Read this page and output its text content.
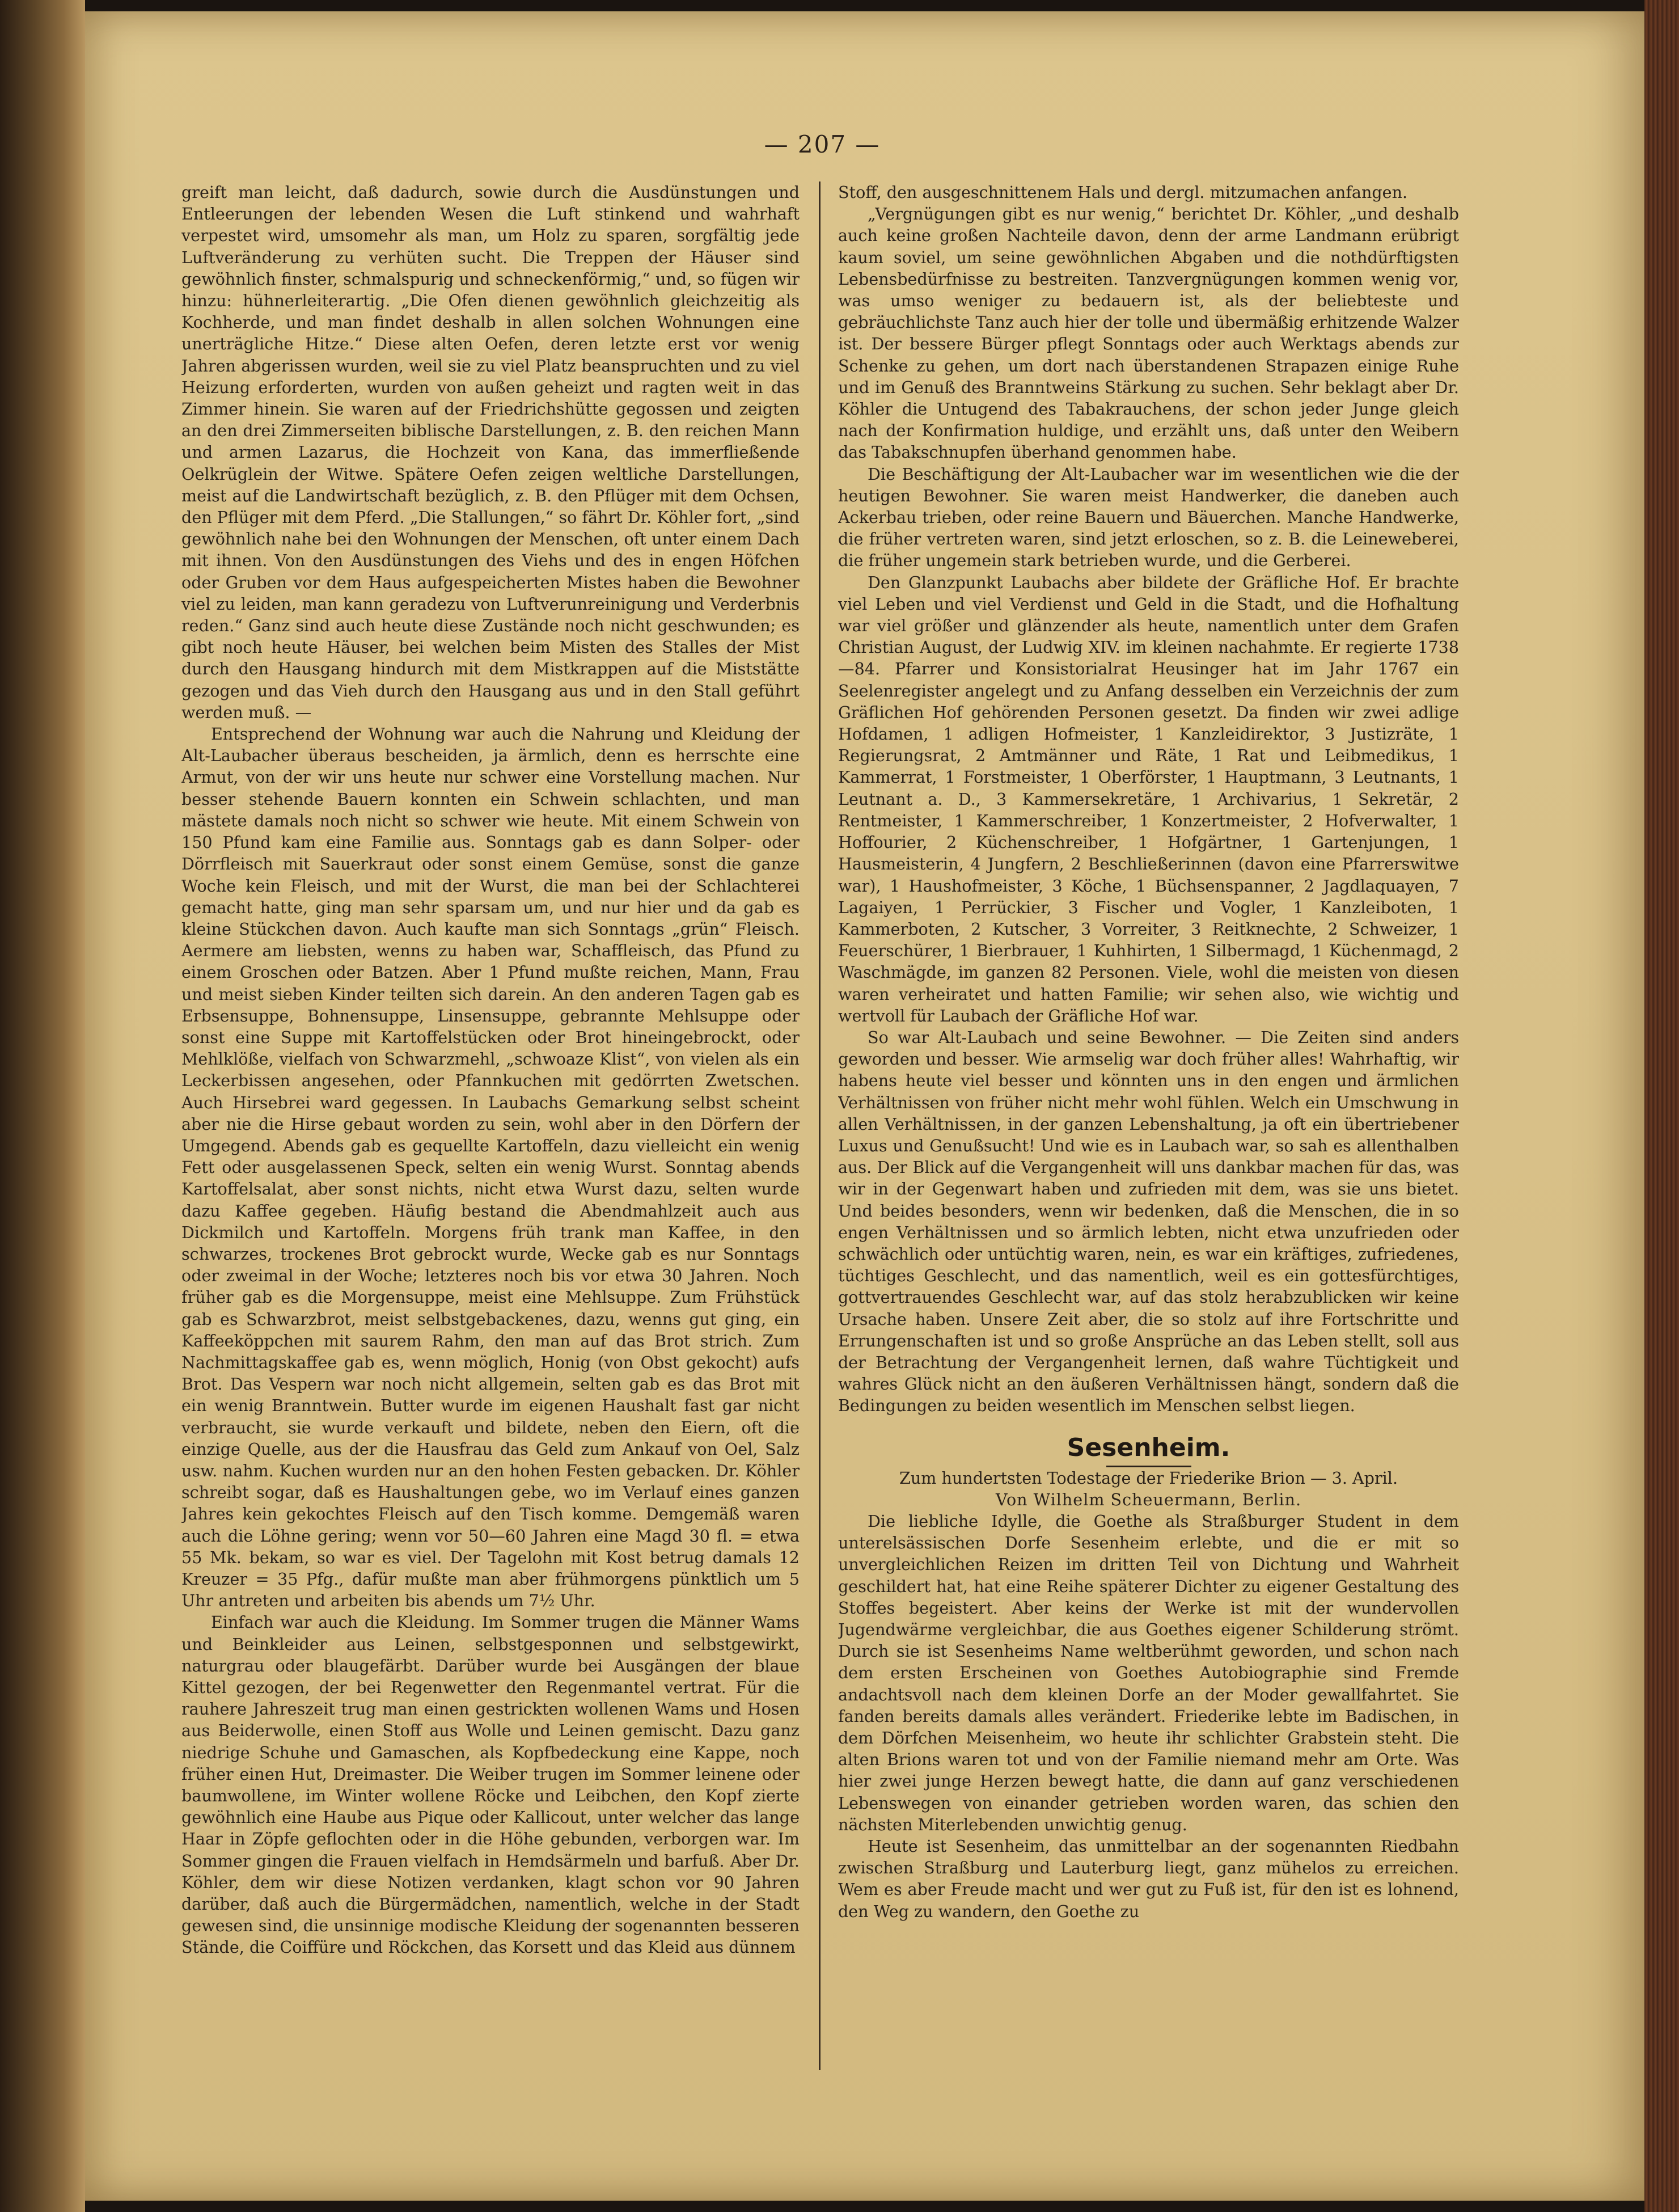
— 207 —

greift man leicht, daß dadurch, sowie durch die Ausdünstungen und Entleerungen der lebenden Wesen die Luft stinkend und wahrhaft verpestet wird, umsomehr als man, um Holz zu sparen, sorgfältig jede Luftveränderung zu verhüten sucht. Die Treppen der Häuser sind gewöhnlich finster, schmalspurig und schneckenförmig,“ und, so fügen wir hinzu: hühnerleiterartig. „Die Ofen dienen gewöhnlich gleichzeitig als Kochherde, und man findet deshalb in allen solchen Wohnungen eine unerträgliche Hitze.“ Diese alten Oefen, deren letzte erst vor wenig Jahren abgerissen wurden, weil sie zu viel Platz beanspruchten und zu viel Heizung erforderten, wurden von außen geheizt und ragten weit in das Zimmer hinein. Sie waren auf der Friedrichshütte gegossen und zeigten an den drei Zimmerseiten biblische Darstellungen, z. B. den reichen Mann und armen Lazarus, die Hochzeit von Kana, das immerfließende Oelkrüglein der Witwe. Spätere Oefen zeigen weltliche Darstellungen, meist auf die Landwirtschaft bezüglich, z. B. den Pflüger mit dem Ochsen, den Pflüger mit dem Pferd. „Die Stallungen,“ so fährt Dr. Köhler fort, „sind gewöhnlich nahe bei den Wohnungen der Menschen, oft unter einem Dach mit ihnen. Von den Ausdünstungen des Viehs und des in engen Höfchen oder Gruben vor dem Haus aufgespeicherten Mistes haben die Bewohner viel zu leiden, man kann geradezu von Luftverunreinigung und Verderbnis reden.“ Ganz sind auch heute diese Zustände noch nicht geschwunden; es gibt noch heute Häuser, bei welchen beim Misten des Stalles der Mist durch den Hausgang hindurch mit dem Mistkrappen auf die Miststätte gezogen und das Vieh durch den Hausgang aus und in den Stall geführt werden muß. —

Entsprechend der Wohnung war auch die Nahrung und Kleidung der Alt-Laubacher überaus bescheiden, ja ärmlich, denn es herrschte eine Armut, von der wir uns heute nur schwer eine Vorstellung machen. Nur besser stehende Bauern konnten ein Schwein schlachten, und man mästete damals noch nicht so schwer wie heute. Mit einem Schwein von 150 Pfund kam eine Familie aus. Sonntags gab es dann Solper- oder Dörrfleisch mit Sauerkraut oder sonst einem Gemüse, sonst die ganze Woche kein Fleisch, und mit der Wurst, die man bei der Schlachterei gemacht hatte, ging man sehr sparsam um, und nur hier und da gab es kleine Stückchen davon. Auch kaufte man sich Sonntags „grün“ Fleisch. Aermere am liebsten, wenns zu haben war, Schaffleisch, das Pfund zu einem Groschen oder Batzen. Aber 1 Pfund mußte reichen, Mann, Frau und meist sieben Kinder teilten sich darein. An den anderen Tagen gab es Erbsensuppe, Bohnensuppe, Linsensuppe, gebrannte Mehlsuppe oder sonst eine Suppe mit Kartoffelstücken oder Brot hineingebrockt, oder Mehlklöße, vielfach von Schwarzmehl, „schwoaze Klist“, von vielen als ein Leckerbissen angesehen, oder Pfannkuchen mit gedörrten Zwetschen. Auch Hirsebrei ward gegessen. In Laubachs Gemarkung selbst scheint aber nie die Hirse gebaut worden zu sein, wohl aber in den Dörfern der Umgegend. Abends gab es gequellte Kartoffeln, dazu vielleicht ein wenig Fett oder ausgelassenen Speck, selten ein wenig Wurst. Sonntag abends Kartoffelsalat, aber sonst nichts, nicht etwa Wurst dazu, selten wurde dazu Kaffee gegeben. Häufig bestand die Abendmahlzeit auch aus Dickmilch und Kartoffeln. Morgens früh trank man Kaffee, in den schwarzes, trockenes Brot gebrockt wurde, Wecke gab es nur Sonntags oder zweimal in der Woche; letzteres noch bis vor etwa 30 Jahren. Noch früher gab es die Morgensuppe, meist eine Mehlsuppe. Zum Frühstück gab es Schwarzbrot, meist selbstgebackenes, dazu, wenns gut ging, ein Kaffeeköppchen mit saurem Rahm, den man auf das Brot strich. Zum Nachmittagskaffee gab es, wenn möglich, Honig (von Obst gekocht) aufs Brot. Das Vespern war noch nicht allgemein, selten gab es das Brot mit ein wenig Branntwein. Butter wurde im eigenen Haushalt fast gar nicht verbraucht, sie wurde verkauft und bildete, neben den Eiern, oft die einzige Quelle, aus der die Hausfrau das Geld zum Ankauf von Oel, Salz usw. nahm. Kuchen wurden nur an den hohen Festen gebacken. Dr. Köhler schreibt sogar, daß es Haushaltungen gebe, wo im Verlauf eines ganzen Jahres kein gekochtes Fleisch auf den Tisch komme. Demgemäß waren auch die Löhne gering; wenn vor 50—60 Jahren eine Magd 30 fl. = etwa 55 Mk. bekam, so war es viel. Der Tagelohn mit Kost betrug damals 12 Kreuzer = 35 Pfg., dafür mußte man aber frühmorgens pünktlich um 5 Uhr antreten und arbeiten bis abends um 7½ Uhr.

Einfach war auch die Kleidung. Im Sommer trugen die Männer Wams und Beinkleider aus Leinen, selbstgesponnen und selbstgewirkt, naturgrau oder blaugefärbt. Darüber wurde bei Ausgängen der blaue Kittel gezogen, der bei Regenwetter den Regenmantel vertrat. Für die rauhere Jahreszeit trug man einen gestrickten wollenen Wams und Hosen aus Beiderwolle, einen Stoff aus Wolle und Leinen gemischt. Dazu ganz niedrige Schuhe und Gamaschen, als Kopfbedeckung eine Kappe, noch früher einen Hut, Dreimaster. Die Weiber trugen im Sommer leinene oder baumwollene, im Winter wollene Röcke und Leibchen, den Kopf zierte gewöhnlich eine Haube aus Pique oder Kallicout, unter welcher das lange Haar in Zöpfe geflochten oder in die Höhe gebunden, verborgen war. Im Sommer gingen die Frauen vielfach in Hemdsärmeln und barfuß. Aber Dr. Köhler, dem wir diese Notizen verdanken, klagt schon vor 90 Jahren darüber, daß auch die Bürgermädchen, namentlich, welche in der Stadt gewesen sind, die unsinnige modische Kleidung der sogenannten besseren Stände, die Coiffüre und Röckchen, das Korsett und das Kleid aus dünnem

Stoff, den ausgeschnittenem Hals und dergl. mitzumachen anfangen.

„Vergnügungen gibt es nur wenig,“ berichtet Dr. Köhler, „und deshalb auch keine großen Nachteile davon, denn der arme Landmann erübrigt kaum soviel, um seine gewöhnlichen Abgaben und die nothdürftigsten Lebensbedürfnisse zu bestreiten. Tanzvergnügungen kommen wenig vor, was umso weniger zu bedauern ist, als der beliebteste und gebräuchlichste Tanz auch hier der tolle und übermäßig erhitzende Walzer ist. Der bessere Bürger pflegt Sonntags oder auch Werktags abends zur Schenke zu gehen, um dort nach überstandenen Strapazen einige Ruhe und im Genuß des Branntweins Stärkung zu suchen. Sehr beklagt aber Dr. Köhler die Untugend des Tabakrauchens, der schon jeder Junge gleich nach der Konfirmation huldige, und erzählt uns, daß unter den Weibern das Tabakschnupfen überhand genommen habe.

Die Beschäftigung der Alt-Laubacher war im wesentlichen wie die der heutigen Bewohner. Sie waren meist Handwerker, die daneben auch Ackerbau trieben, oder reine Bauern und Bäuerchen. Manche Handwerke, die früher vertreten waren, sind jetzt erloschen, so z. B. die Leineweberei, die früher ungemein stark betrieben wurde, und die Gerberei.

Den Glanzpunkt Laubachs aber bildete der Gräfliche Hof. Er brachte viel Leben und viel Verdienst und Geld in die Stadt, und die Hofhaltung war viel größer und glänzender als heute, namentlich unter dem Grafen Christian August, der Ludwig XIV. im kleinen nachahmte. Er regierte 1738—84. Pfarrer und Konsistorialrat Heusinger hat im Jahr 1767 ein Seelenregister angelegt und zu Anfang desselben ein Verzeichnis der zum Gräflichen Hof gehörenden Personen gesetzt. Da finden wir zwei adlige Hofdamen, 1 adligen Hofmeister, 1 Kanzleidirektor, 3 Justizräte, 1 Regierungsrat, 2 Amtmänner und Räte, 1 Rat und Leibmedikus, 1 Kammerrat, 1 Forstmeister, 1 Oberförster, 1 Hauptmann, 3 Leutnants, 1 Leutnant a. D., 3 Kammersekretäre, 1 Archivarius, 1 Sekretär, 2 Rentmeister, 1 Kammerschreiber, 1 Konzertmeister, 2 Hofverwalter, 1 Hoffourier, 2 Küchenschreiber, 1 Hofgärtner, 1 Gartenjungen, 1 Hausmeisterin, 4 Jungfern, 2 Beschließerinnen (davon eine Pfarrerswitwe war), 1 Haushofmeister, 3 Köche, 1 Büchsenspanner, 2 Jagdlaquayen, 7 Lagaiyen, 1 Perrückier, 3 Fischer und Vogler, 1 Kanzleiboten, 1 Kammerboten, 2 Kutscher, 3 Vorreiter, 3 Reitknechte, 2 Schweizer, 1 Feuerschürer, 1 Bierbrauer, 1 Kuhhirten, 1 Silbermagd, 1 Küchenmagd, 2 Waschmägde, im ganzen 82 Personen. Viele, wohl die meisten von diesen waren verheiratet und hatten Familie; wir sehen also, wie wichtig und wertvoll für Laubach der Gräfliche Hof war.

So war Alt-Laubach und seine Bewohner. — Die Zeiten sind anders geworden und besser. Wie armselig war doch früher alles! Wahrhaftig, wir habens heute viel besser und könnten uns in den engen und ärmlichen Verhältnissen von früher nicht mehr wohl fühlen. Welch ein Umschwung in allen Verhältnissen, in der ganzen Lebenshaltung, ja oft ein übertriebener Luxus und Genußsucht! Und wie es in Laubach war, so sah es allenthalben aus. Der Blick auf die Vergangenheit will uns dankbar machen für das, was wir in der Gegenwart haben und zufrieden mit dem, was sie uns bietet. Und beides besonders, wenn wir bedenken, daß die Menschen, die in so engen Verhältnissen und so ärmlich lebten, nicht etwa unzufrieden oder schwächlich oder untüchtig waren, nein, es war ein kräftiges, zufriedenes, tüchtiges Geschlecht, und das namentlich, weil es ein gottesfürchtiges, gottvertrauendes Geschlecht war, auf das stolz herabzublicken wir keine Ursache haben. Unsere Zeit aber, die so stolz auf ihre Fortschritte und Errungenschaften ist und so große Ansprüche an das Leben stellt, soll aus der Betrachtung der Vergangenheit lernen, daß wahre Tüchtigkeit und wahres Glück nicht an den äußeren Verhältnissen hängt, sondern daß die Bedingungen zu beiden wesentlich im Menschen selbst liegen.

Sesenheim.

Zum hundertsten Todestage der Friederike Brion — 3. April.

Von Wilhelm Scheuermann, Berlin.

Die liebliche Idylle, die Goethe als Straßburger Student in dem unterelsässischen Dorfe Sesenheim erlebte, und die er mit so unvergleichlichen Reizen im dritten Teil von Dichtung und Wahrheit geschildert hat, hat eine Reihe späterer Dichter zu eigener Gestaltung des Stoffes begeistert. Aber keins der Werke ist mit der wundervollen Jugendwärme vergleichbar, die aus Goethes eigener Schilderung strömt. Durch sie ist Sesenheims Name weltberühmt geworden, und schon nach dem ersten Erscheinen von Goethes Autobiographie sind Fremde andachtsvoll nach dem kleinen Dorfe an der Moder gewallfahrtet. Sie fanden bereits damals alles verändert. Friederike lebte im Badischen, in dem Dörfchen Meisenheim, wo heute ihr schlichter Grabstein steht. Die alten Brions waren tot und von der Familie niemand mehr am Orte. Was hier zwei junge Herzen bewegt hatte, die dann auf ganz verschiedenen Lebenswegen von einander getrieben worden waren, das schien den nächsten Miterlebenden unwichtig genug.

Heute ist Sesenheim, das unmittelbar an der sogenannten Riedbahn zwischen Straßburg und Lauterburg liegt, ganz mühelos zu erreichen. Wem es aber Freude macht und wer gut zu Fuß ist, für den ist es lohnend, den Weg zu wandern, den Goethe zu
